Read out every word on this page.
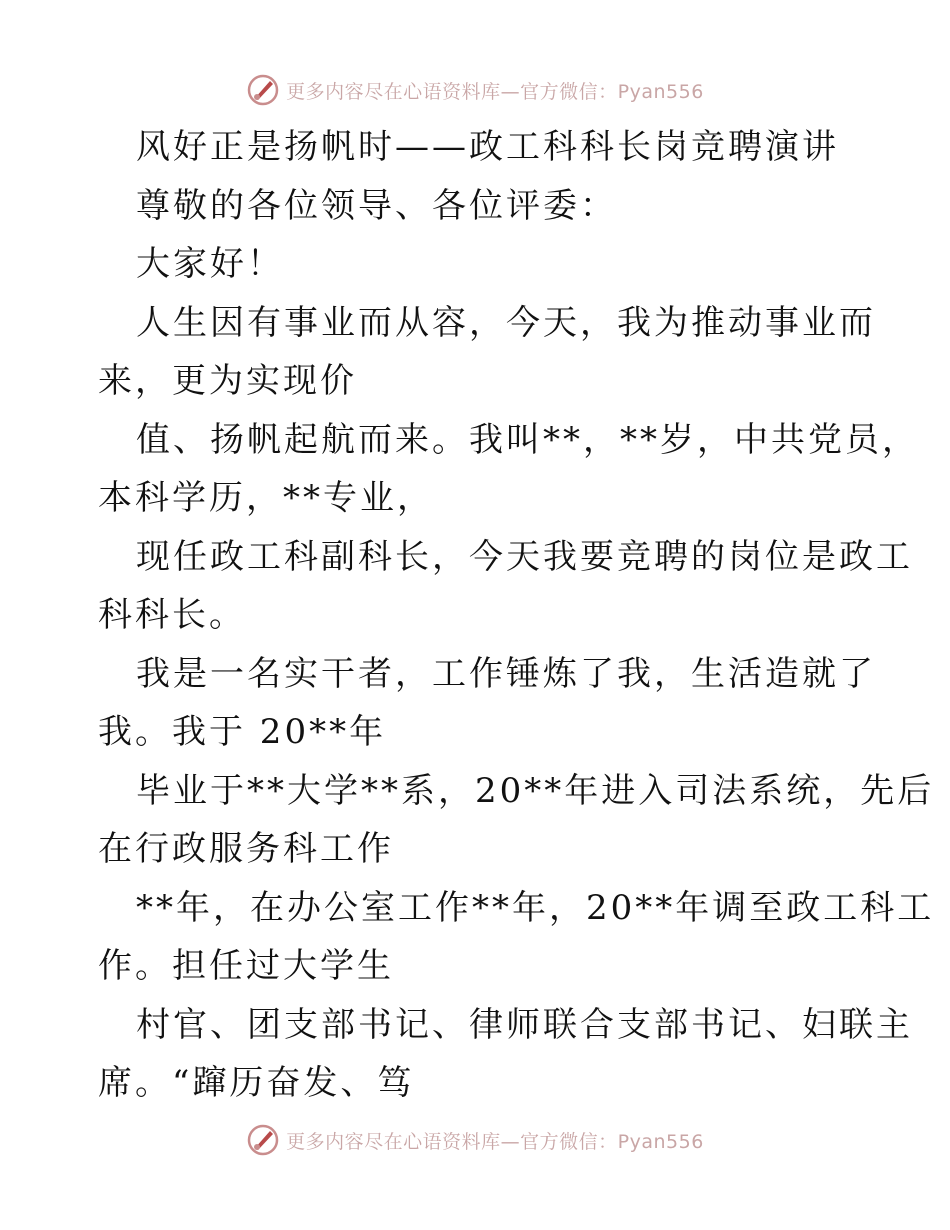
更多内容尽在心语资料库—官方微信：Pyan556

风好正是扬帆时——政工科科长岗竞聘演讲

尊敬的各位领导、各位评委：

大家好！

人生因有事业而从容，今天，我为推动事业而

来，更为实现价

值、扬帆起航而来。我叫**，**岁，中共党员，

本科学历，**专业，

现任政工科副科长，今天我要竞聘的岗位是政工

科科长。

我是一名实干者，工作锤炼了我，生活造就了

我。我于 20**年

毕业于**大学**系，20**年进入司法系统，先后

在行政服务科工作

**年，在办公室工作**年，20**年调至政工科工

作。担任过大学生

村官、团支部书记、律师联合支部书记、妇联主

席。“蹿历奋发、笃

更多内容尽在心语资料库—官方微信：Pyan556
